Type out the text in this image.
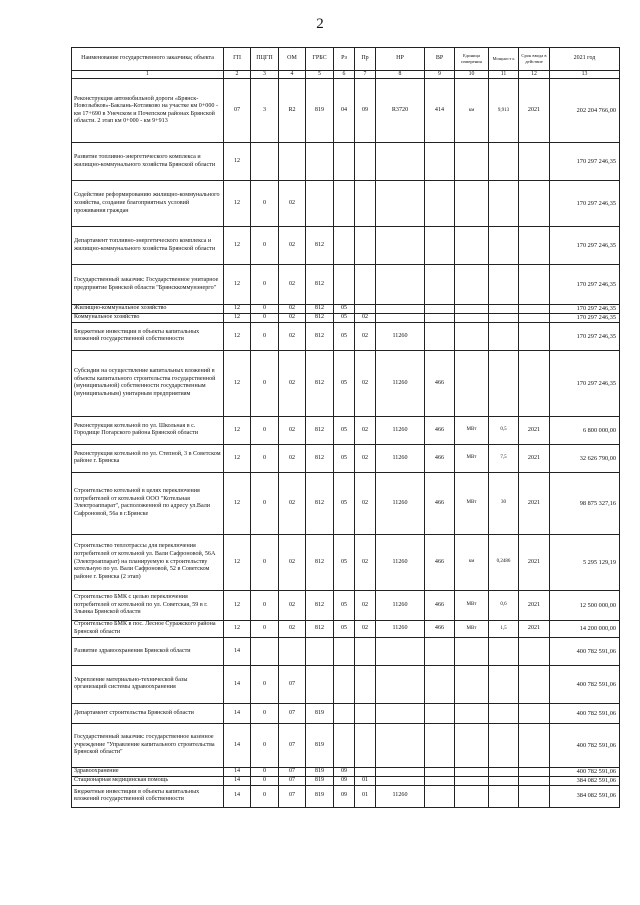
2
Наименование государственного заказчика; объекта	ГП	ПЦГП	ОМ	ГРБС	Рз	Пр	НР	ВР	Единица измерения	Мощност ь	Срок ввода в действие	2021 год
1	2	3	4	5	6	7	8	9	10	11	12	13
Реконструкция автомобильной дороги «Брянск-Новозыбков»-Баклань-Котляково на участке км 0+000 - км 17+690 в Унечском и Почепском районах Брянской области. 2 этап км 0+000 - км 9+913	07	3	R2	819	04	09	R3720	414	км	9,913	2021	202 204 766,00
Развитие топливно-энергетического комплекса и жилищно-коммунального хозяйства Брянской области	12											170 297 246,35
Содействие реформированию жилищно-коммунального хозяйства, создание благоприятных условий проживания граждан	12	0	02									170 297 246,35
Департамент топливно-энергетического комплекса и жилищно-коммунального хозяйства Брянской области	12	0	02	812								170 297 246,35
Государственный заказчик: Государственное унитарное предприятие Брянской области "Брянсккоммунэнерго"	12	0	02	812								170 297 246,35
Жилищно-коммунальное хозяйство	12	0	02	812	05							170 297 246,35
Коммунальное хозяйство	12	0	02	812	05	02						170 297 246,35
Бюджетные инвестиции в объекты капитальных вложений государственной собственности	12	0	02	812	05	02	11260					170 297 246,35
Субсидии на осуществление капитальных вложений в объекты капитального строительства государственной (муниципальной) собственности государственным (муниципальным) унитарным предприятиям	12	0	02	812	05	02	11260	466				170 297 246,35
Реконструкция котельной по ул. Школьная в с. Городище Погарского района Брянской области	12	0	02	812	05	02	11260	466	МВт	0,5	2021	6 800 000,00
Реконструкция котельной по ул. Степной, 3 в Советском районе г. Брянска	12	0	02	812	05	02	11260	466	МВт	7,5	2021	32 626 790,00
Строительство котельной в целях переключения потребителей от котельной ООО "Котельная Электроаппарат", расположенной по адресу ул.Вали Сафроновой, 56а в г.Брянске	12	0	02	812	05	02	11260	466	МВт	30	2021	98 875 327,16
Строительство теплотрассы для переключения потребителей от котельной ул. Вали Сафроновой, 56А (Электроаппарат) на планируемую к строительству котельную по ул. Вали Сафроновой, 52 в Советском районе г. Брянска (2 этап)	12	0	02	812	05	02	11260	466	км	0,2486	2021	5 295 129,19
Строительство БМК с целью переключения потребителей от котельной по ул. Советская, 59 в г. Злынка Брянской области	12	0	02	812	05	02	11260	466	МВт	0,6	2021	12 500 000,00
Строительство БМК в пос. Лесное Суражского района Брянской области	12	0	02	812	05	02	11260	466	МВт	1,5	2021	14 200 000,00
Развитие здравоохранения Брянской области	14											400 782 591,06
Укрепление материально-технической базы организаций системы здравоохранения	14	0	07									400 782 591,06
Департамент строительства Брянской области	14	0	07	819								400 782 591,06
Государственный заказчик: государственное казенное учреждение "Управление капитального строительства Брянской области"	14	0	07	819								400 782 591,06
Здравоохранение	14	0	07	819	09							400 782 591,06
Стационарная медицинская помощь	14	0	07	819	09	01						384 082 591,06
Бюджетные инвестиции в объекты капитальных вложений государственной собственности	14	0	07	819	09	01	11260					384 082 591,06
